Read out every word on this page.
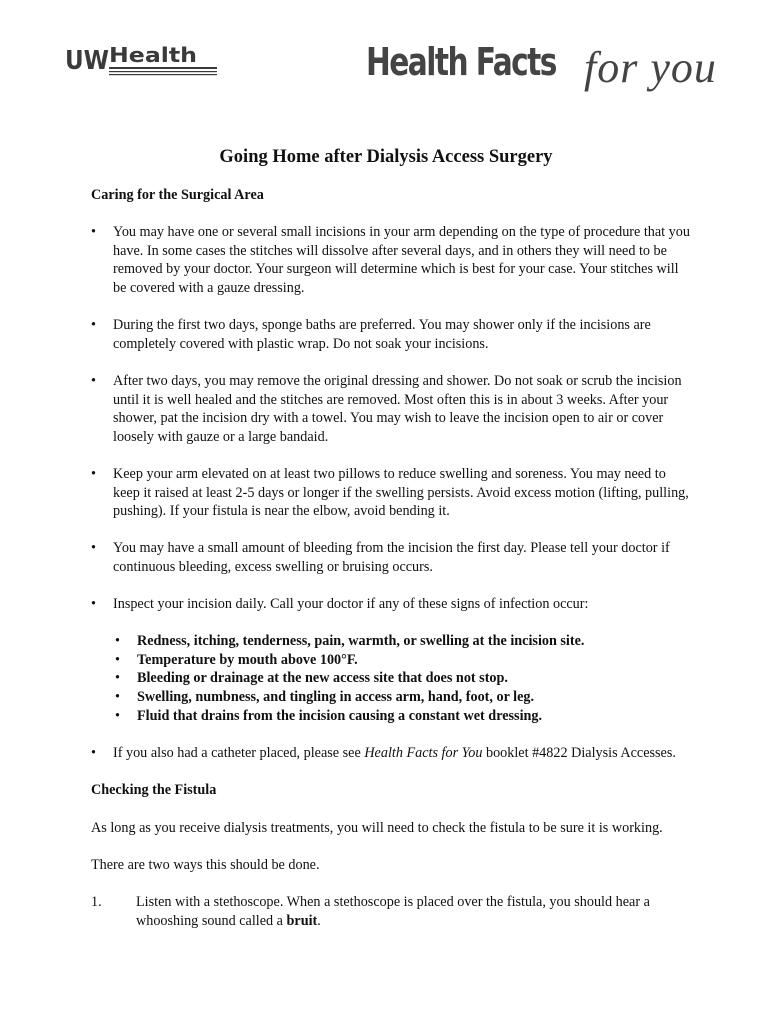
UW Health	Health Facts for you
Going Home after Dialysis Access Surgery
Caring for the Surgical Area
• You may have one or several small incisions in your arm depending on the type of procedure that you have. In some cases the stitches will dissolve after several days, and in others they will need to be removed by your doctor. Your surgeon will determine which is best for your case. Your stitches will be covered with a gauze dressing.
• During the first two days, sponge baths are preferred. You may shower only if the incisions are completely covered with plastic wrap. Do not soak your incisions.
• After two days, you may remove the original dressing and shower. Do not soak or scrub the incision until it is well healed and the stitches are removed. Most often this is in about 3 weeks. After your shower, pat the incision dry with a towel. You may wish to leave the incision open to air or cover loosely with gauze or a large bandaid.
• Keep your arm elevated on at least two pillows to reduce swelling and soreness. You may need to keep it raised at least 2-5 days or longer if the swelling persists. Avoid excess motion (lifting, pulling, pushing). If your fistula is near the elbow, avoid bending it.
• You may have a small amount of bleeding from the incision the first day. Please tell your doctor if continuous bleeding, excess swelling or bruising occurs.
• Inspect your incision daily. Call your doctor if any of these signs of infection occur:
• Redness, itching, tenderness, pain, warmth, or swelling at the incision site.
• Temperature by mouth above 100°F.
• Bleeding or drainage at the new access site that does not stop.
• Swelling, numbness, and tingling in access arm, hand, foot, or leg.
• Fluid that drains from the incision causing a constant wet dressing.
• If you also had a catheter placed, please see Health Facts for You booklet #4822 Dialysis Accesses.
Checking the Fistula

As long as you receive dialysis treatments, you will need to check the fistula to be sure it is working.

There are two ways this should be done.

1. Listen with a stethoscope. When a stethoscope is placed over the fistula, you should hear a whooshing sound called a bruit.
